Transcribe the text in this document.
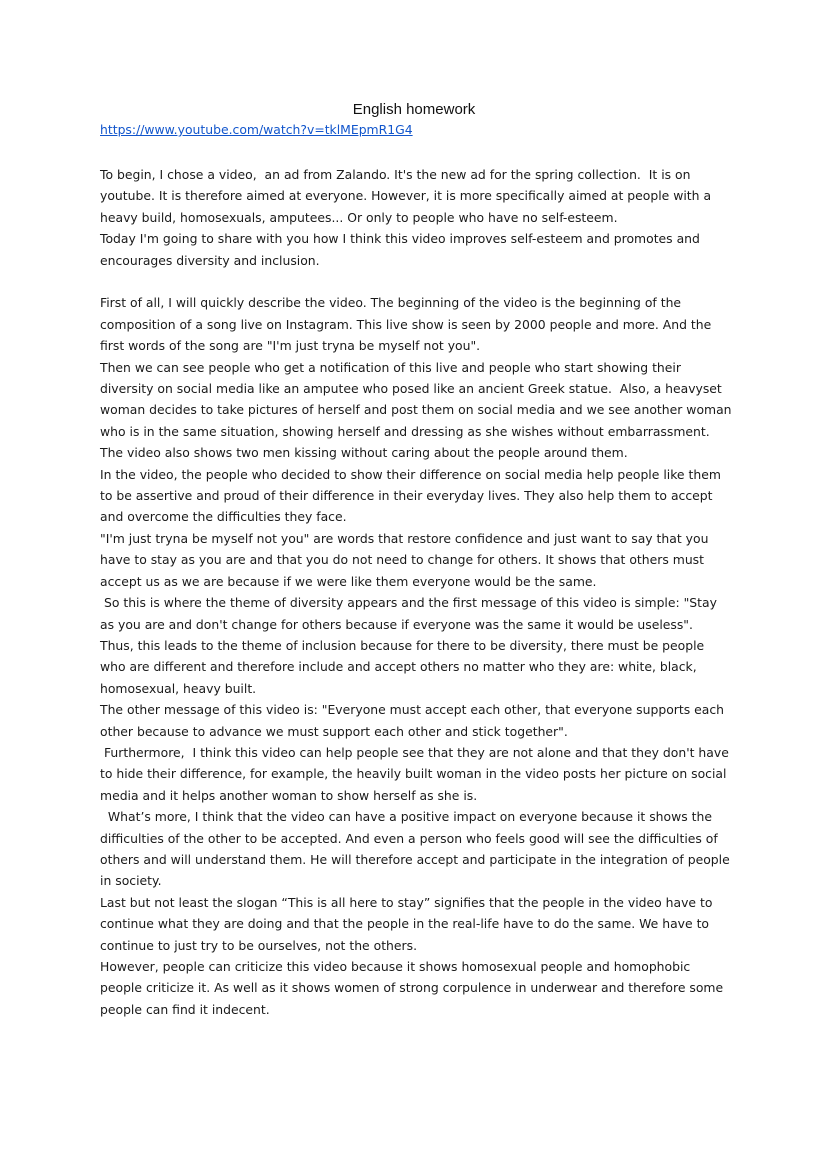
English homework
https://www.youtube.com/watch?v=tklMEpmR1G4

To begin, I chose a video,  an ad from Zalando. It's the new ad for the spring collection.  It is on youtube. It is therefore aimed at everyone. However, it is more specifically aimed at people with a heavy build, homosexuals, amputees... Or only to people who have no self-esteem.

Today I'm going to share with you how I think this video improves self-esteem and promotes and encourages diversity and inclusion.

First of all, I will quickly describe the video. The beginning of the video is the beginning of the composition of a song live on Instagram. This live show is seen by 2000 people and more. And the first words of the song are "I'm just tryna be myself not you".

Then we can see people who get a notification of this live and people who start showing their diversity on social media like an amputee who posed like an ancient Greek statue.  Also, a heavyset woman decides to take pictures of herself and post them on social media and we see another woman who is in the same situation, showing herself and dressing as she wishes without embarrassment. The video also shows two men kissing without caring about the people around them.

In the video, the people who decided to show their difference on social media help people like them to be assertive and proud of their difference in their everyday lives. They also help them to accept and overcome the difficulties they face.

"I'm just tryna be myself not you" are words that restore confidence and just want to say that you have to stay as you are and that you do not need to change for others. It shows that others must accept us as we are because if we were like them everyone would be the same.

So this is where the theme of diversity appears and the first message of this video is simple: "Stay as you are and don't change for others because if everyone was the same it would be useless".

Thus, this leads to the theme of inclusion because for there to be diversity, there must be people who are different and therefore include and accept others no matter who they are: white, black, homosexual, heavy built.

The other message of this video is: "Everyone must accept each other, that everyone supports each other because to advance we must support each other and stick together".

Furthermore,  I think this video can help people see that they are not alone and that they don't have to hide their difference, for example, the heavily built woman in the video posts her picture on social media and it helps another woman to show herself as she is.

What’s more, I think that the video can have a positive impact on everyone because it shows the difficulties of the other to be accepted. And even a person who feels good will see the difficulties of others and will understand them. He will therefore accept and participate in the integration of people in society.

Last but not least the slogan “This is all here to stay” signifies that the people in the video have to continue what they are doing and that the people in the real-life have to do the same. We have to continue to just try to be ourselves, not the others.

However, people can criticize this video because it shows homosexual people and homophobic people criticize it. As well as it shows women of strong corpulence in underwear and therefore some people can find it indecent.
